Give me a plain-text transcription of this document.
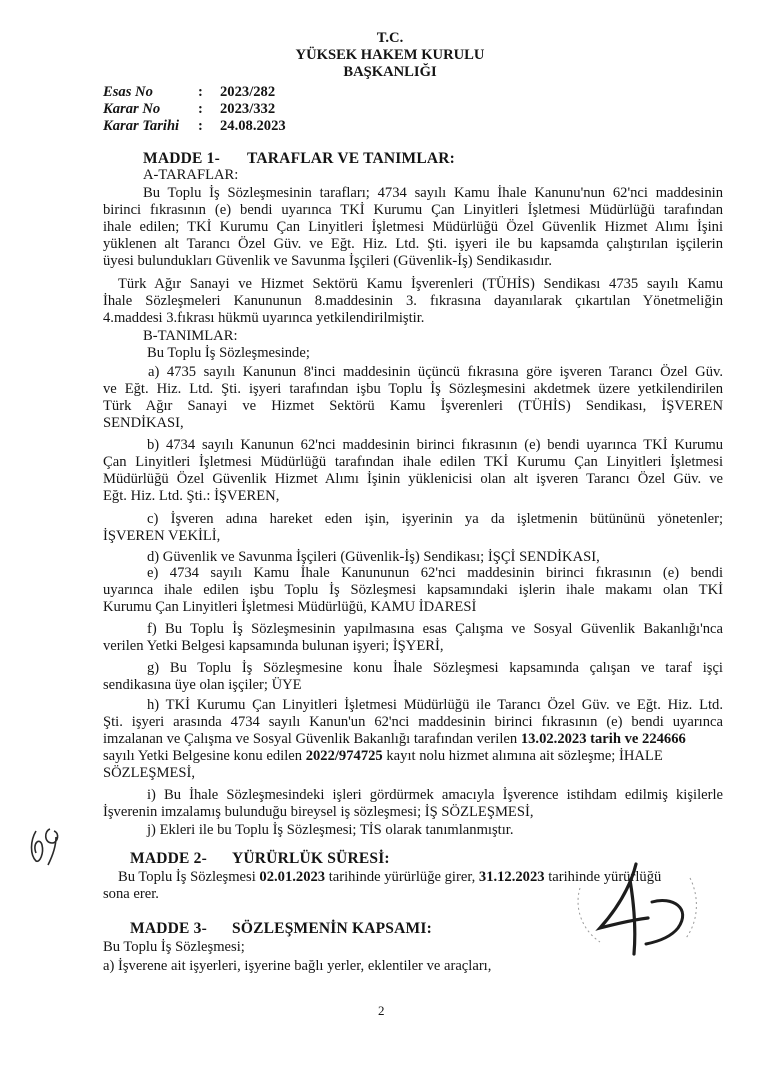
T.C.
YÜKSEK HAKEM KURULU
BAŞKANLIĞI
Esas No	: 2023/282
Karar No	: 2023/332
Karar Tarihi : 24.08.2023
MADDE 1- TARAFLAR VE TANIMLAR:
A-TARAFLAR:
Bu Toplu İş Sözleşmesinin tarafları; 4734 sayılı Kamu İhale Kanunu'nun 62'nci maddesinin
birinci fıkrasının (e) bendi uyarınca TKİ Kurumu Çan Linyitleri İşletmesi Müdürlüğü tarafından
ihale edilen; TKİ Kurumu Çan Linyitleri İşletmesi Müdürlüğü Özel Güvenlik Hizmet Alımı İşini
yüklenen alt Tarancı Özel Güv. ve Eğt. Hiz. Ltd. Şti. işyeri ile bu kapsamda çalıştırılan işçilerin
üyesi bulundukları Güvenlik ve Savunma İşçileri (Güvenlik-İş) Sendikasıdır.
Türk Ağır Sanayi ve Hizmet Sektörü Kamu İşverenleri (TÜHİS) Sendikası 4735 sayılı Kamu
İhale Sözleşmeleri Kanununun 8.maddesinin 3. fıkrasına dayanılarak çıkartılan Yönetmeliğin
4.maddesi 3.fıkrası hükmü uyarınca yetkilendirilmiştir.
B-TANIMLAR:
Bu Toplu İş Sözleşmesinde;
a) 4735 sayılı Kanunun 8'inci maddesinin üçüncü fıkrasına göre işveren Tarancı Özel Güv.
ve Eğt. Hiz. Ltd. Şti. işyeri tarafından işbu Toplu İş Sözleşmesini akdetmek üzere yetkilendirilen
Türk Ağır Sanayi ve Hizmet Sektörü Kamu İşverenleri (TÜHİS) Sendikası, İŞVEREN
SENDİKASI,
b) 4734 sayılı Kanunun 62'nci maddesinin birinci fıkrasının (e) bendi uyarınca TKİ Kurumu
Çan Linyitleri İşletmesi Müdürlüğü tarafından ihale edilen TKİ Kurumu Çan Linyitleri İşletmesi
Müdürlüğü Özel Güvenlik Hizmet Alımı İşinin yüklenicisi olan alt işveren Tarancı Özel Güv. ve
Eğt. Hiz. Ltd. Şti.: İŞVEREN,
c) İşveren adına hareket eden işin, işyerinin ya da işletmenin bütününü yönetenler;
İŞVEREN VEKİLİ,
d) Güvenlik ve Savunma İşçileri (Güvenlik-İş) Sendikası; İŞÇİ SENDİKASI,
e) 4734 sayılı Kamu İhale Kanununun 62'nci maddesinin birinci fıkrasının (e) bendi
uyarınca ihale edilen işbu Toplu İş Sözleşmesi kapsamındaki işlerin ihale makamı olan TKİ
Kurumu Çan Linyitleri İşletmesi Müdürlüğü, KAMU İDARESİ
f) Bu Toplu İş Sözleşmesinin yapılmasına esas Çalışma ve Sosyal Güvenlik Bakanlığı'nca
verilen Yetki Belgesi kapsamında bulunan işyeri; İŞYERİ,
g) Bu Toplu İş Sözleşmesine konu İhale Sözleşmesi kapsamında çalışan ve taraf işçi
sendikasına üye olan işçiler; ÜYE
h) TKİ Kurumu Çan Linyitleri İşletmesi Müdürlüğü ile Tarancı Özel Güv. ve Eğt. Hiz. Ltd.
Şti. işyeri arasında 4734 sayılı Kanun'un 62'nci maddesinin birinci fıkrasının (e) bendi uyarınca
imzalanan ve Çalışma ve Sosyal Güvenlik Bakanlığı tarafından verilen 13.02.2023 tarih ve 224666
sayılı Yetki Belgesine konu edilen 2022/974725 kayıt nolu hizmet alımına ait sözleşme; İHALE
SÖZLEŞMESİ,
i) Bu İhale Sözleşmesindeki işleri gördürmek amacıyla İşverence istihdam edilmiş kişilerle
İşverenin imzalamış bulunduğu bireysel iş sözleşmesi; İŞ SÖZLEŞMESİ,
j) Ekleri ile bu Toplu İş Sözleşmesi; TİS olarak tanımlanmıştır.
MADDE 2- YÜRÜRLÜK SÜRESİ:
Bu Toplu İş Sözleşmesi 02.01.2023 tarihinde yürürlüğe girer, 31.12.2023 tarihinde yürürlüğü
sona erer.
MADDE 3- SÖZLEŞMENİN KAPSAMI:
Bu Toplu İş Sözleşmesi;
a) İşverene ait işyerleri, işyerine bağlı yerler, eklentiler ve araçları,
2
